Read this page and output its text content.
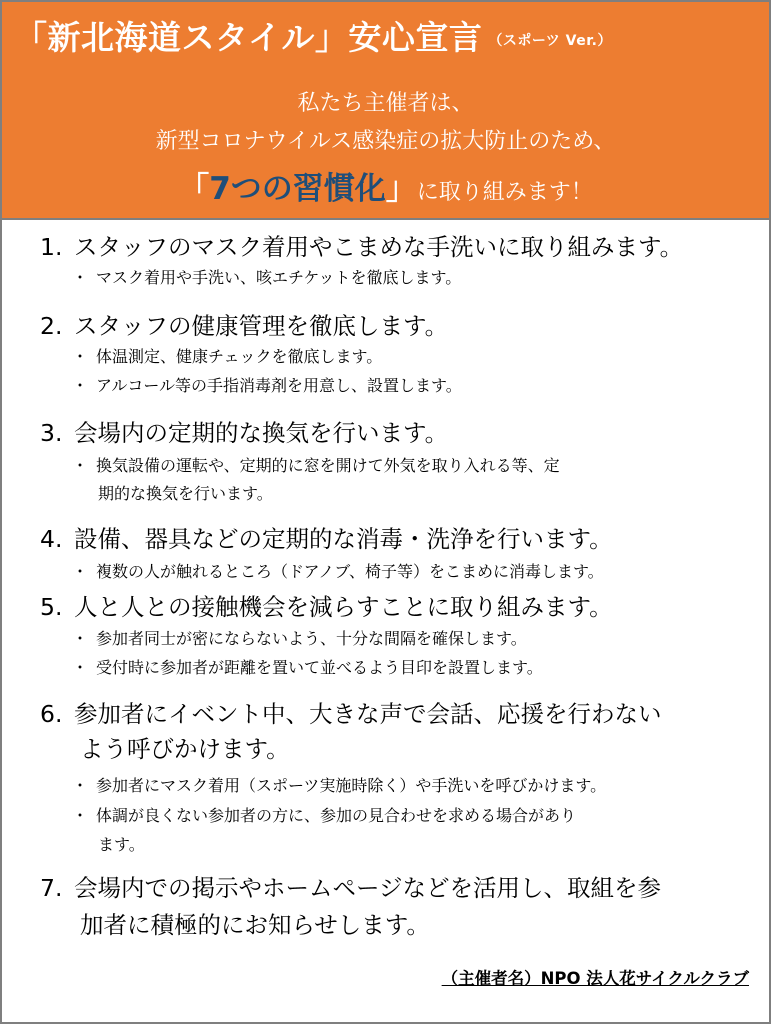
「新北海道スタイル」安心宣言 （スポーツ Ver.）
私たち主催者は、
新型コロナウイルス感染症の拡大防止のため、
「7つの習慣化」に取り組みます！
1. スタッフのマスク着用やこまめな手洗いに取り組みます。
・ マスク着用や手洗い、咳エチケットを徹底します。
2. スタッフの健康管理を徹底します。
・ 体温測定、健康チェックを徹底します。
・ アルコール等の手指消毒剤を用意し、設置します。
3. 会場内の定期的な換気を行います。
・ 換気設備の運転や、定期的に窓を開けて外気を取り入れる等、定
期的な換気を行います。
4. 設備、器具などの定期的な消毒・洗浄を行います。
・ 複数の人が触れるところ（ドアノブ、椅子等）をこまめに消毒します。
5. 人と人との接触機会を減らすことに取り組みます。
・ 参加者同士が密にならないよう、十分な間隔を確保します。
・ 受付時に参加者が距離を置いて並べるよう目印を設置します。
6. 参加者にイベント中、大きな声で会話、応援を行わない
よう呼びかけます。
・ 参加者にマスク着用（スポーツ実施時除く）や手洗いを呼びかけます。
・ 体調が良くない参加者の方に、参加の見合わせを求める場合があり
ます。
7. 会場内での掲示やホームページなどを活用し、取組を参
加者に積極的にお知らせします。
（主催者名）NPO 法人花サイクルクラブ
